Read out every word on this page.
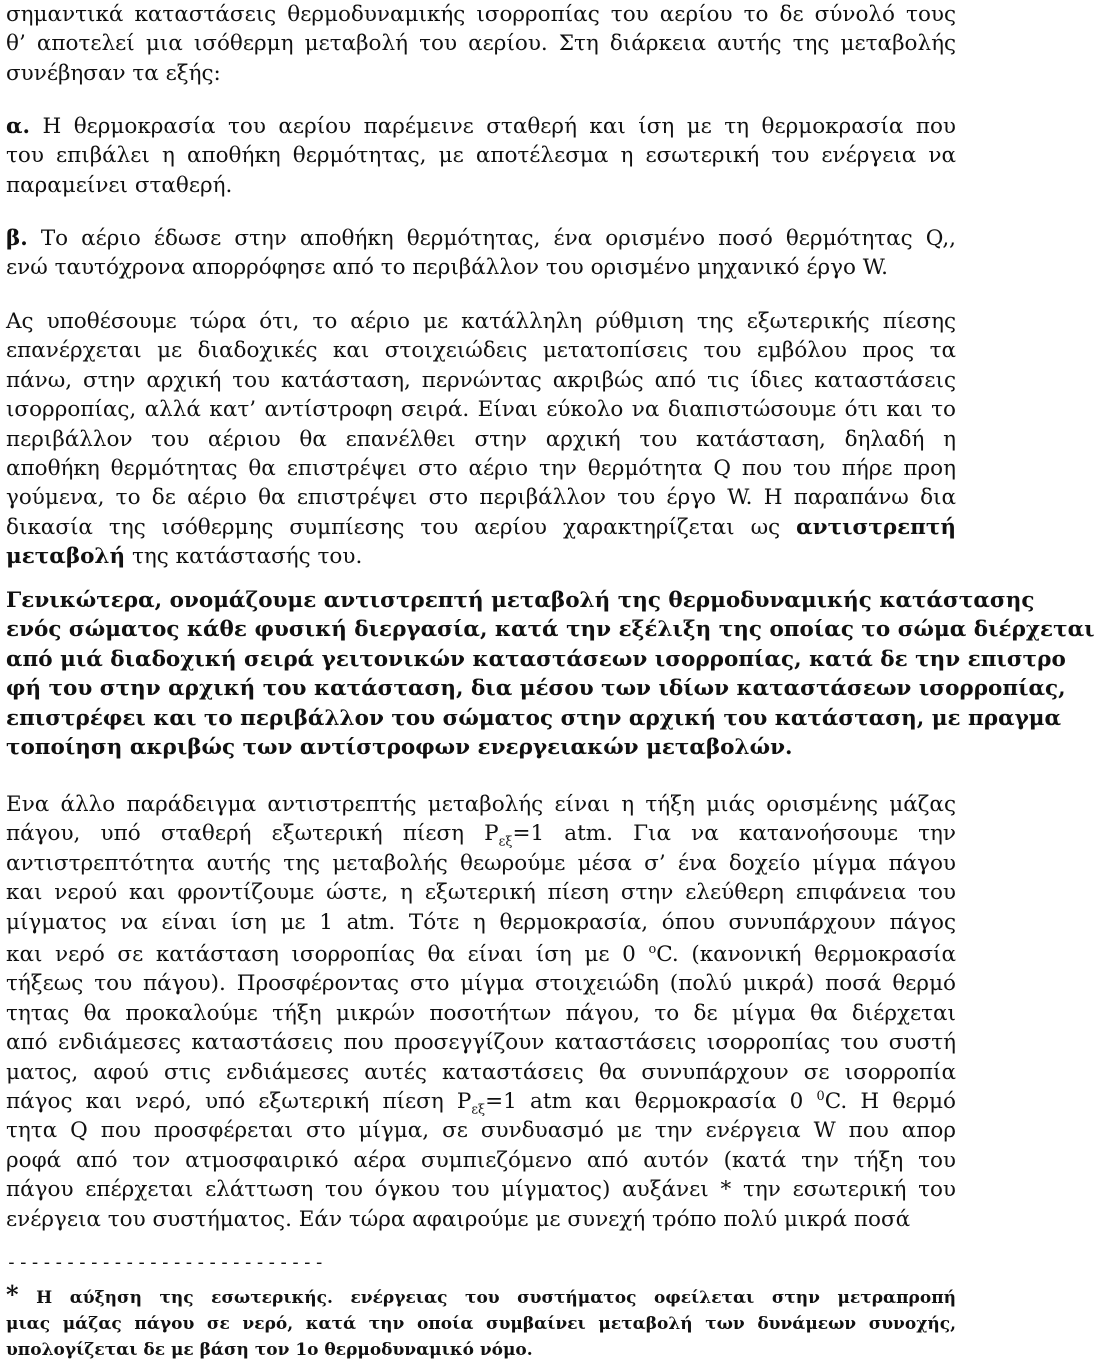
σημαντικά καταστάσεις θερμοδυναμικής ισορροπίας του αερίου το δε σύνολό τους
θ’ αποτελεί μια ισόθερμη μεταβολή του αερίου. Στη διάρκεια αυτής της μεταβολής
συνέβησαν τα εξής:
α. Η θερμοκρασία του αερίου παρέμεινε σταθερή και ίση με τη θερμοκρασία που
του επιβάλει η αποθήκη θερμότητας, με αποτέλεσμα η εσωτερική του ενέργεια να
παραμείνει σταθερή.
β. Το αέριο έδωσε στην αποθήκη θερμότητας, ένα ορισμένο ποσό θερμότητας Q,,
ενώ ταυτόχρονα απορρόφησε από το περιβάλλον του ορισμένο μηχανικό έργο W.
Ας υποθέσουμε τώρα ότι, το αέριο με κατάλληλη ρύθμιση της εξωτερικής πίεσης
επανέρχεται με διαδοχικές και στοιχειώδεις μετατοπίσεις του εμβόλου προς τα
πάνω, στην αρχική του κατάσταση, περνώντας ακριβώς από τις ίδιες καταστάσεις
ισορροπίας, αλλά κατ’ αντίστροφη σειρά. Είναι εύκολο να διαπιστώσουμε ότι και το
περιβάλλον του αέριου θα επανέλθει στην αρχική του κατάσταση, δηλαδή η
αποθήκη θερμότητας θα επιστρέψει στο αέριο την θερμότητα Q που του πήρε προη
γούμενα, το δε αέριο θα επιστρέψει στο περιβάλλον του έργο W. Η παραπάνω δια
δικασία της ισόθερμης συμπίεσης του αερίου χαρακτηρίζεται ως αντιστρεπτή
μεταβολή της κατάστασής του.
Γενικώτερα, ονομάζουμε αντιστρεπτή μεταβολή της θερμοδυναμικής κατάστασης
ενός σώματος κάθε φυσική διεργασία, κατά την εξέλιξη της οποίας το σώμα διέρχεται
από μιά διαδοχική σειρά γειτονικών καταστάσεων ισορροπίας, κατά δε την επιστρο
φή του στην αρχική του κατάσταση, δια μέσου των ιδίων καταστάσεων ισορροπίας,
επιστρέφει και το περιβάλλον του σώματος στην αρχική του κατάσταση, με πραγμα
τοποίηση ακριβώς των αντίστροφων ενεργειακών μεταβολών.
Ενα άλλο παράδειγμα αντιστρεπτής μεταβολής είναι η τήξη μιάς ορισμένης μάζας
πάγου, υπό σταθερή εξωτερική πίεση $P_{\varepsilon\xi}=1$ atm. Για να κατανοήσουμε την
αντιστρεπτότητα αυτής της μεταβολής θεωρούμε μέσα σ’ ένα δοχείο μίγμα πάγου
και νερού και φροντίζουμε ώστε, η εξωτερική πίεση στην ελεύθερη επιφάνεια του
μίγματος να είναι ίση με 1 atm. Τότε η θερμοκρασία, όπου συνυπάρχουν πάγος
και νερό σε κατάσταση ισορροπίας θα είναι ίση με 0 $^o$C. (κανονική θερμοκρασία
τήξεως του πάγου). Προσφέροντας στο μίγμα στοιχειώδη (πολύ μικρά) ποσά θερμό
τητας θα προκαλούμε τήξη μικρών ποσοτήτων πάγου, το δε μίγμα θα διέρχεται
από ενδιάμεσες καταστάσεις που προσεγγίζουν καταστάσεις ισορροπίας του συστή
ματος, αφού στις ενδιάμεσες αυτές καταστάσεις θα συνυπάρχουν σε ισορροπία
πάγος και νερό, υπό εξωτερική πίεση $P_{\varepsilon\xi}=1$ atm και θερμοκρασία 0 $^0$C. Η θερμό
τητα Q που προσφέρεται στο μίγμα, σε συνδυασμό με την ενέργεια W που απορ
ροφά από τον ατμοσφαιρικό αέρα συμπιεζόμενο από αυτόν (κατά την τήξη του
πάγου επέρχεται ελάττωση του όγκου του μίγματος) αυξάνει * την εσωτερική του
ενέργεια του συστήματος. Εάν τώρα αφαιρούμε με συνεχή τρόπο πολύ μικρά ποσά
---------------------------
* Η αύξηση της εσωτερικής. ενέργειας του συστήματος οφείλεται στην μετραπροπή
μιας μάζας πάγου σε νερό, κατά την οποία συμβαίνει μεταβολή των δυνάμεων συνοχής,
υπολογίζεται δε με βάση τον 1ο θερμοδυναμικό νόμο.
